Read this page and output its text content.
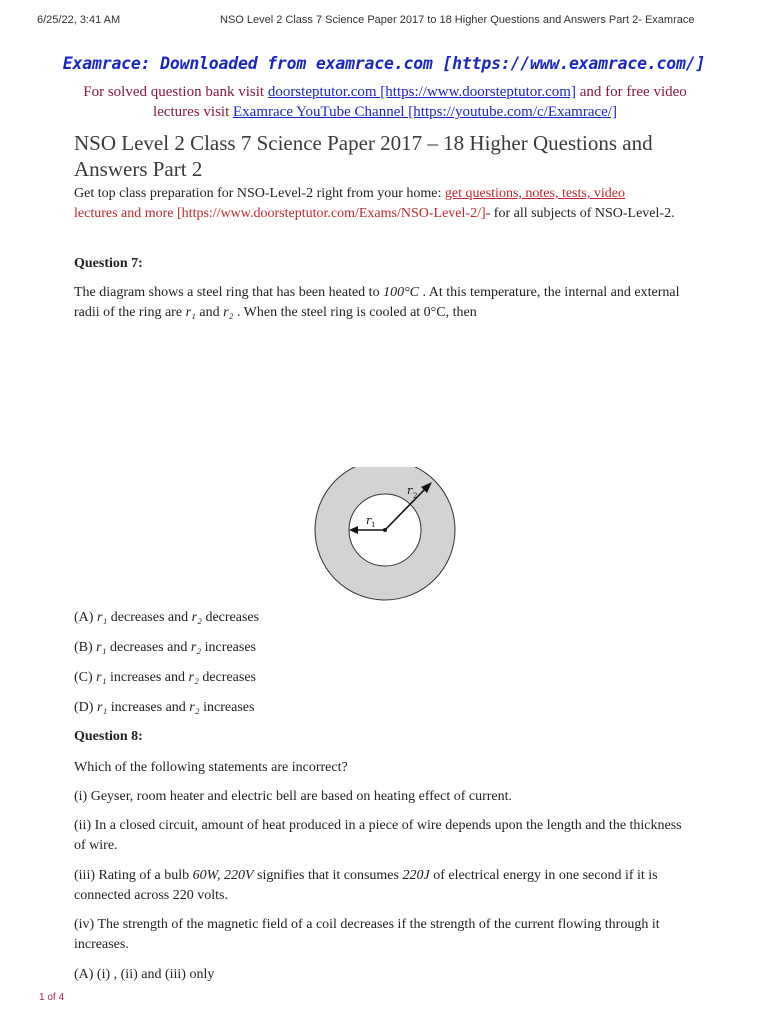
6/25/22, 3:41 AM	NSO Level 2 Class 7 Science Paper 2017 to 18 Higher Questions and Answers Part 2- Examrace
Examrace: Downloaded from examrace.com [https://www.examrace.com/]
For solved question bank visit doorsteptutor.com [https://www.doorsteptutor.com] and for free video lectures visit Examrace YouTube Channel [https://youtube.com/c/Examrace/]
NSO Level 2 Class 7 Science Paper 2017 – 18 Higher Questions and Answers Part 2
Get top class preparation for NSO-Level-2 right from your home: get questions, notes, tests, video
lectures and more [https://www.doorsteptutor.com/Exams/NSO-Level-2/]- for all subjects of NSO-Level-2.
Question 7:
The diagram shows a steel ring that has been heated to 100°C . At this temperature, the internal and external radii of the ring are r₁ and r₂ . When the steel ring is cooled at 0°C, then
r 1
r 2
(A) r₁ decreases and r₂ decreases
(B) r₁ decreases and r₂ increases
(C) r₁ increases and r₂ decreases
(D) r₁ increases and r₂ increases
Question 8:
Which of the following statements are incorrect?
(i) Geyser, room heater and electric bell are based on heating effect of current.
(ii) In a closed circuit, amount of heat produced in a piece of wire depends upon the length and the thickness of wire.
(iii) Rating of a bulb 60W, 220V signifies that it consumes 220J of electrical energy in one second if it is connected across 220 volts.
(iv) The strength of the magnetic field of a coil decreases if the strength of the current flowing through it increases.
(A) (i) , (ii) and (iii) only
1 of 4
